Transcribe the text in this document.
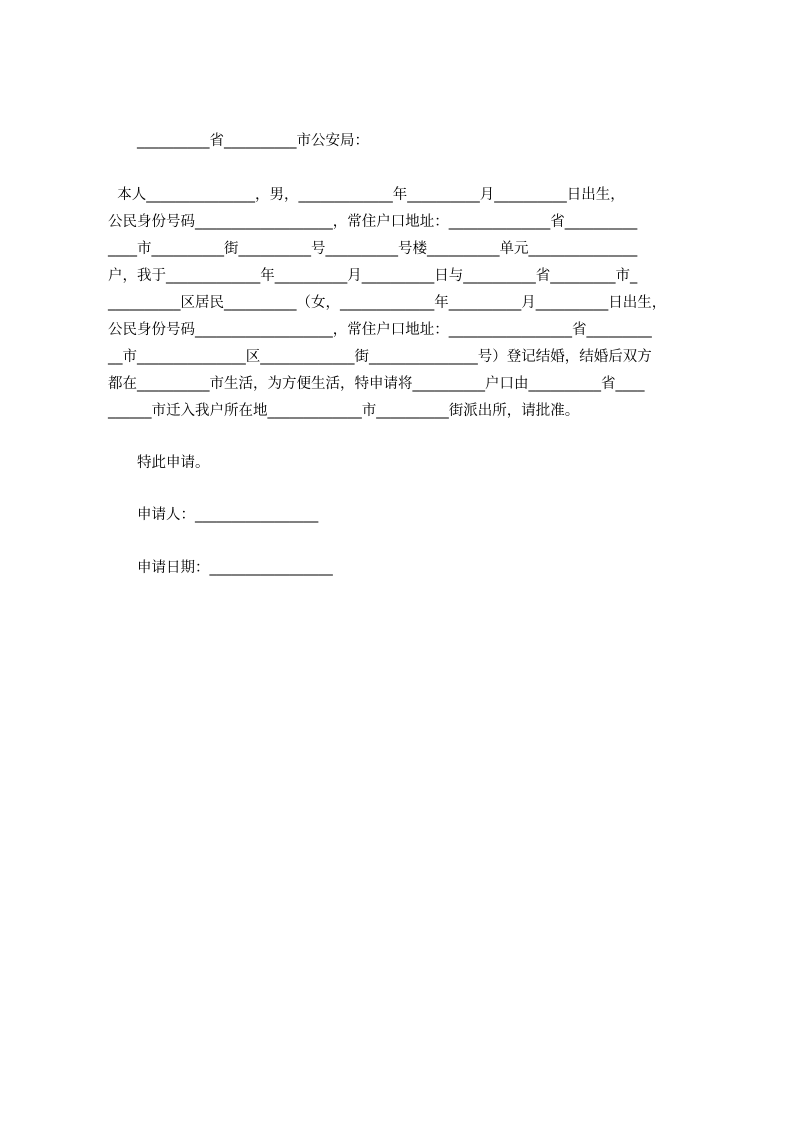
__________省__________市公安局：

本人_______________，男，_____________年__________月__________日出生，

公民身份号码___________________，常住户口地址：______________省__________

____市__________街__________号__________号楼__________单元_______________

户，我于_____________年__________月__________日与__________省_________市_

__________区居民__________（女，_____________年__________月__________日出生，

公民身份号码___________________，常住户口地址：_________________省_________

__市_______________区_____________街_______________号）登记结婚，结婚后双方

都在__________市生活，为方便生活，特申请将__________户口由__________省____

______市迁入我户所在地_____________市__________街派出所，请批准。

特此申请。

申请人：_________________

申请日期：_________________
